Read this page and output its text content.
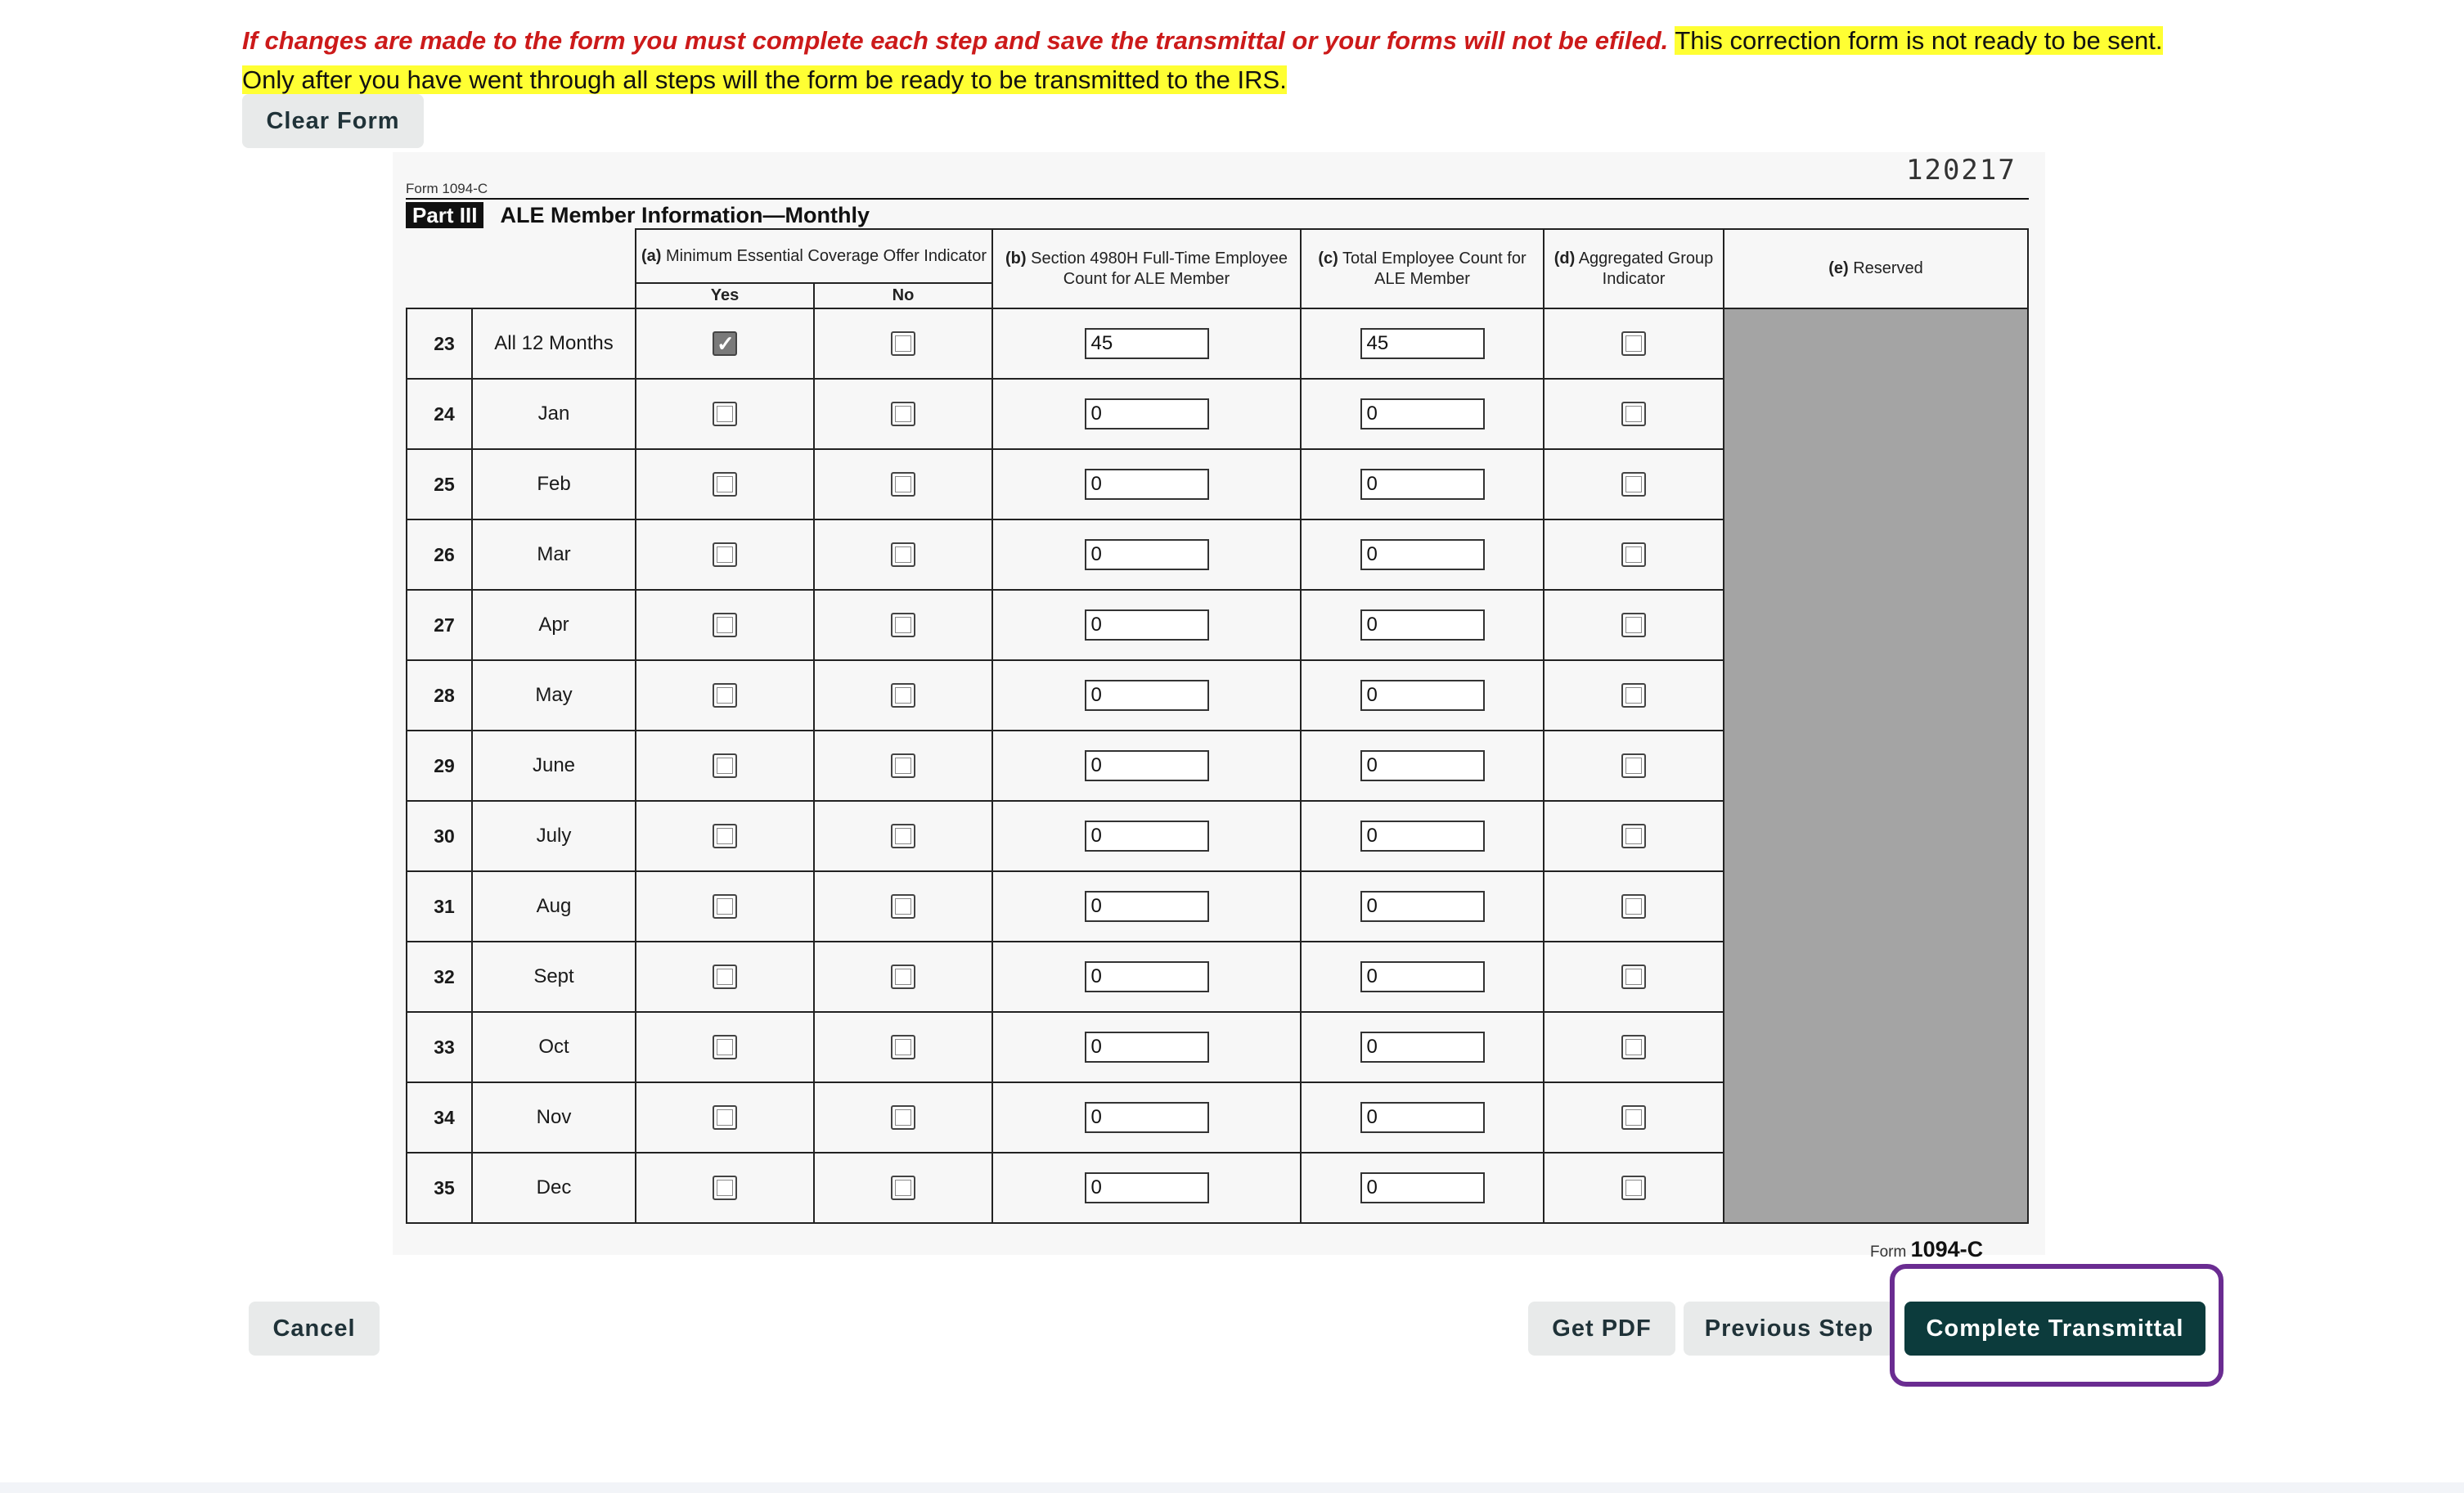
If changes are made to the form you must complete each step and save the transmittal or your forms will not be efiled. This correction form is not ready to be sent.
Only after you have went through all steps will the form be ready to be transmitted to the IRS.
Clear Form
120217
Form 1094-C
Part III ALE Member Information—Monthly
		(a) Minimum Essential Coverage Offer Indicator		(b) Section 4980H Full-Time Employee Count for ALE Member	(c) Total Employee Count for ALE Member	(d) Aggregated Group Indicator	(e) Reserved
		Yes	No				
23	All 12 Months	✓		45	45		
24	Jan			0	0	
25	Feb			0	0	
26	Mar			0	0	
27	Apr			0	0	
28	May			0	0	
29	June			0	0	
30	July			0	0	
31	Aug			0	0	
32	Sept			0	0	
33	Oct			0	0	
34	Nov			0	0	
35	Dec			0	0	
Form 1094-C
Cancel	Get PDF	Previous Step	Complete Transmittal
